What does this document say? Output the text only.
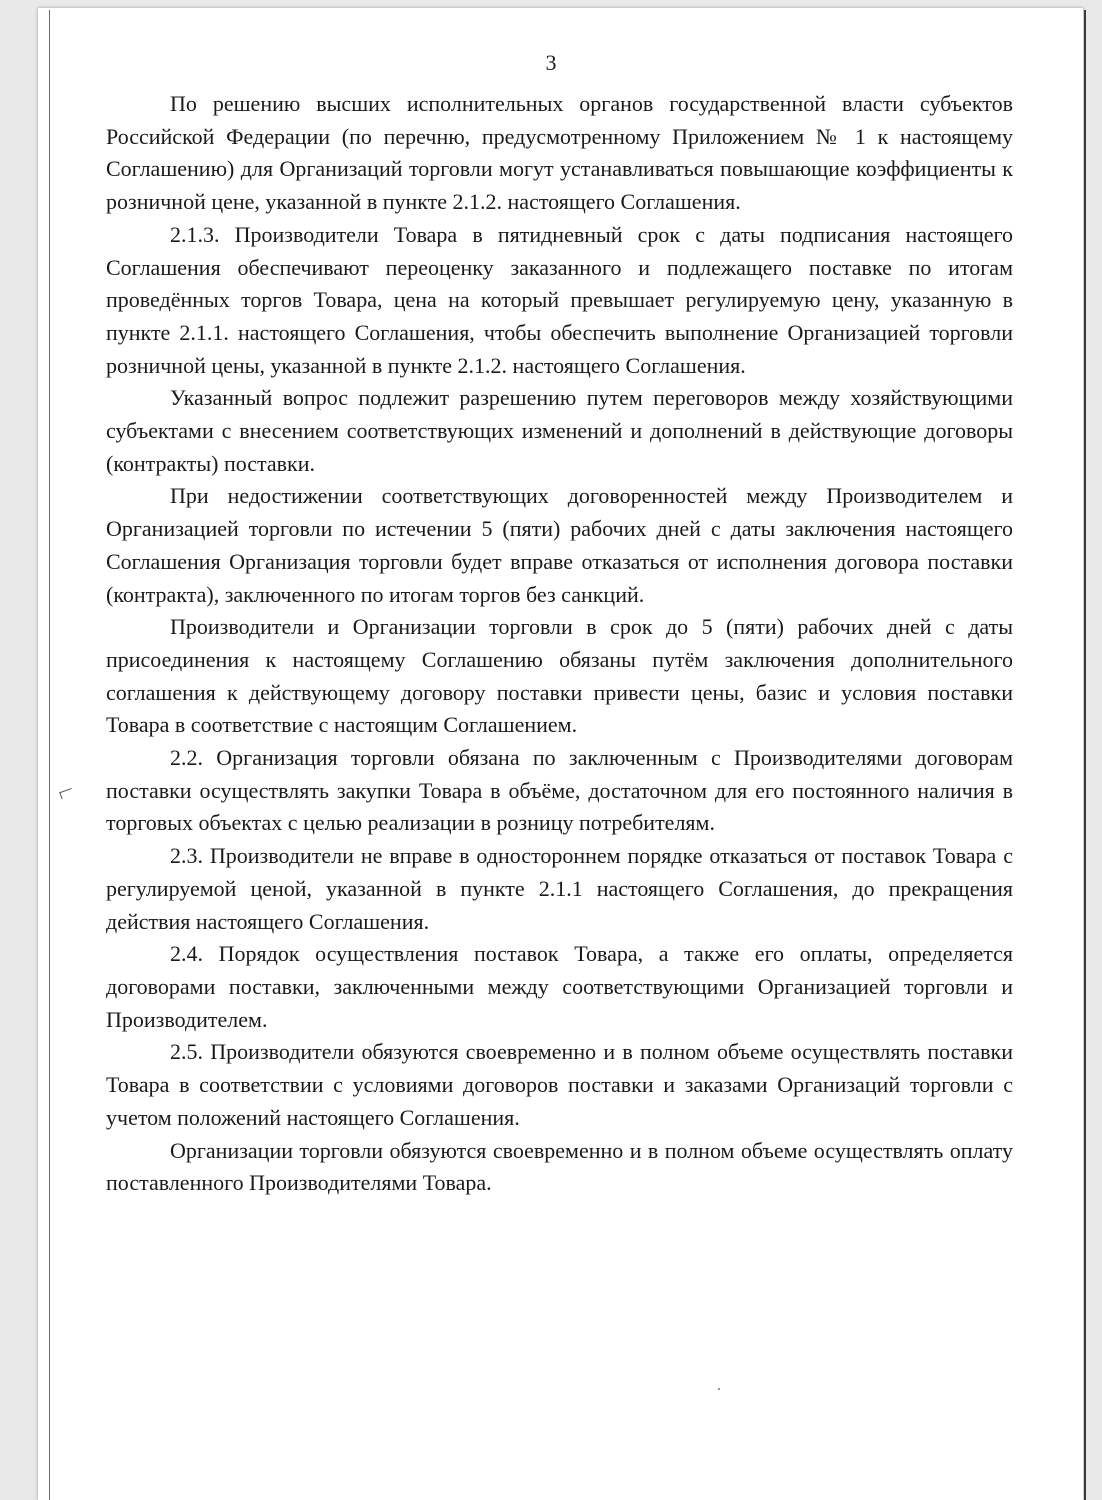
3

По решению высших исполнительных органов государственной власти субъектов Российской Федерации (по перечню, предусмотренному Приложением № 1 к настоящему Соглашению) для Организаций торговли могут устанавливаться повышающие коэффициенты к розничной цене, указанной в пункте 2.1.2. настоящего Соглашения.

2.1.3. Производители Товара в пятидневный срок с даты подписания настоящего Соглашения обеспечивают переоценку заказанного и подлежащего поставке по итогам проведённых торгов Товара, цена на который превышает регулируемую цену, указанную в пункте 2.1.1. настоящего Соглашения, чтобы обеспечить выполнение Организацией торговли розничной цены, указанной в пункте 2.1.2. настоящего Соглашения.

Указанный вопрос подлежит разрешению путем переговоров между хозяйствующими субъектами с внесением соответствующих изменений и дополнений в действующие договоры (контракты) поставки.

При недостижении соответствующих договоренностей между Производителем и Организацией торговли по истечении 5 (пяти) рабочих дней с даты заключения настоящего Соглашения Организация торговли будет вправе отказаться от исполнения договора поставки (контракта), заключенного по итогам торгов без санкций.

Производители и Организации торговли в срок до 5 (пяти) рабочих дней с даты присоединения к настоящему Соглашению обязаны путём заключения дополнительного соглашения к действующему договору поставки привести цены, базис и условия поставки Товара в соответствие с настоящим Соглашением.

2.2. Организация торговли обязана по заключенным с Производителями договорам поставки осуществлять закупки Товара в объёме, достаточном для его постоянного наличия в торговых объектах с целью реализации в розницу потребителям.

2.3. Производители не вправе в одностороннем порядке отказаться от поставок Товара с регулируемой ценой, указанной в пункте 2.1.1 настоящего Соглашения, до прекращения действия настоящего Соглашения.

2.4. Порядок осуществления поставок Товара, а также его оплаты, определяется договорами поставки, заключенными между соответствующими Организацией торговли и Производителем.

2.5. Производители обязуются своевременно и в полном объеме осуществлять поставки Товара в соответствии с условиями договоров поставки и заказами Организаций торговли с учетом положений настоящего Соглашения.

Организации торговли обязуются своевременно и в полном объеме осуществлять оплату поставленного Производителями Товара.
